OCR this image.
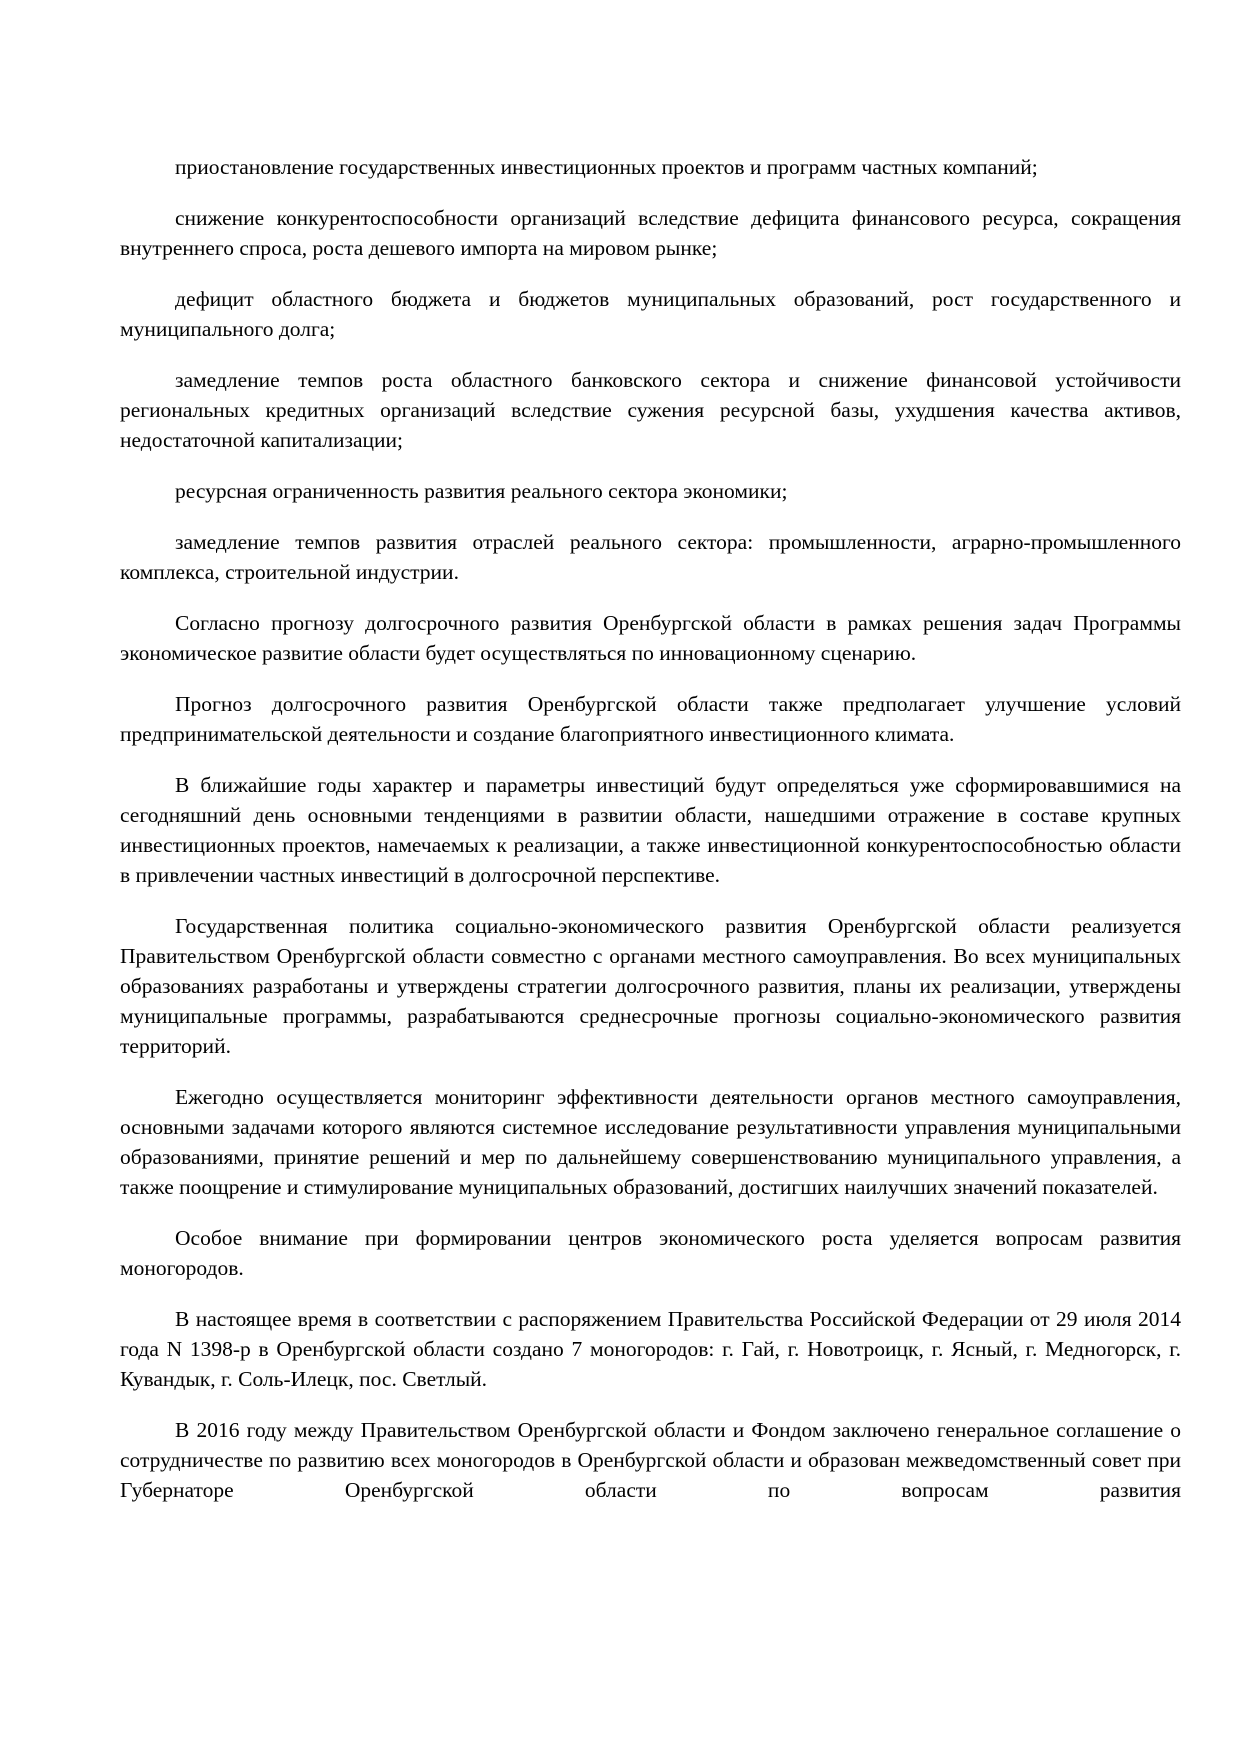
приостановление государственных инвестиционных проектов и программ частных компаний;

снижение конкурентоспособности организаций вследствие дефицита финансового ресурса, сокращения внутреннего спроса, роста дешевого импорта на мировом рынке;

дефицит областного бюджета и бюджетов муниципальных образований, рост государственного и муниципального долга;

замедление темпов роста областного банковского сектора и снижение финансовой устойчивости региональных кредитных организаций вследствие сужения ресурсной базы, ухудшения качества активов, недостаточной капитализации;

ресурсная ограниченность развития реального сектора экономики;

замедление темпов развития отраслей реального сектора: промышленности, аграрно-промышленного комплекса, строительной индустрии.

Согласно прогнозу долгосрочного развития Оренбургской области в рамках решения задач Программы экономическое развитие области будет осуществляться по инновационному сценарию.

Прогноз долгосрочного развития Оренбургской области также предполагает улучшение условий предпринимательской деятельности и создание благоприятного инвестиционного климата.

В ближайшие годы характер и параметры инвестиций будут определяться уже сформировавшимися на сегодняшний день основными тенденциями в развитии области, нашедшими отражение в составе крупных инвестиционных проектов, намечаемых к реализации, а также инвестиционной конкурентоспособностью области в привлечении частных инвестиций в долгосрочной перспективе.

Государственная политика социально-экономического развития Оренбургской области реализуется Правительством Оренбургской области совместно с органами местного самоуправления. Во всех муниципальных образованиях разработаны и утверждены стратегии долгосрочного развития, планы их реализации, утверждены муниципальные программы, разрабатываются среднесрочные прогнозы социально-экономического развития территорий.

Ежегодно осуществляется мониторинг эффективности деятельности органов местного самоуправления, основными задачами которого являются системное исследование результативности управления муниципальными образованиями, принятие решений и мер по дальнейшему совершенствованию муниципального управления, а также поощрение и стимулирование муниципальных образований, достигших наилучших значений показателей.

Особое внимание при формировании центров экономического роста уделяется вопросам развития моногородов.

В настоящее время в соответствии с распоряжением Правительства Российской Федерации от 29 июля 2014 года N 1398-р в Оренбургской области создано 7 моногородов: г. Гай, г. Новотроицк, г. Ясный, г. Медногорск, г. Кувандык, г. Соль-Илецк, пос. Светлый.

В 2016 году между Правительством Оренбургской области и Фондом заключено генеральное соглашение о сотрудничестве по развитию всех моногородов в Оренбургской области и образован межведомственный совет при Губернаторе Оренбургской области по вопросам развития
